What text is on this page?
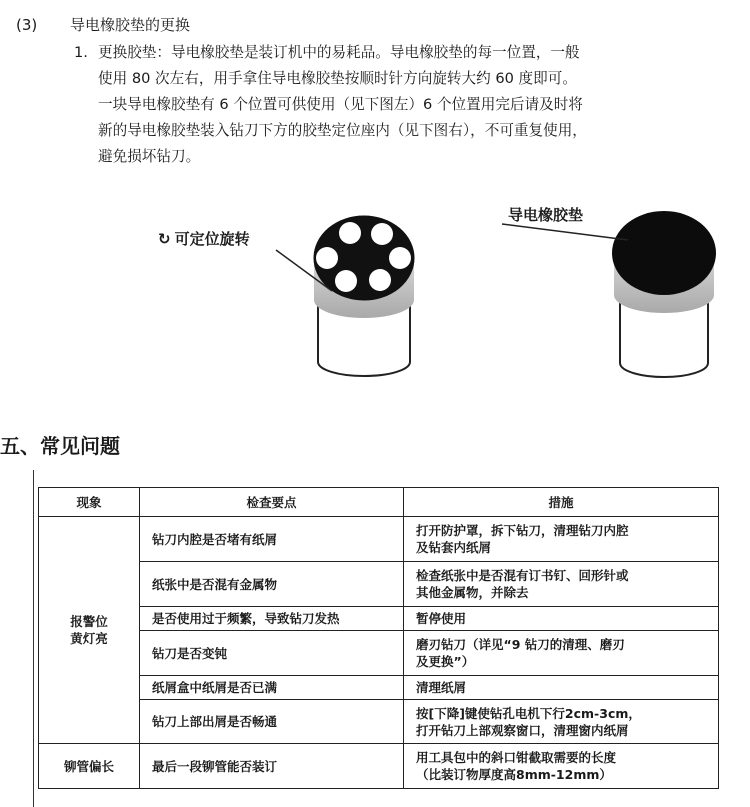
(3) 导电橡胶垫的更换
1. 更换胶垫：导电橡胶垫是装订机中的易耗品。导电橡胶垫的每一位置，一般
使用 80 次左右，用手拿住导电橡胶垫按顺时针方向旋转大约 60 度即可。
一块导电橡胶垫有 6 个位置可供使用（见下图左）6 个位置用完后请及时将
新的导电橡胶垫装入钻刀下方的胶垫定位座内（见下图右），不可重复使用，
避免损坏钻刀。
↻ 可定位旋转
导电橡胶垫
五、常见问题
现象	检查要点	措施
报警位
黄灯亮	钻刀内腔是否堵有纸屑	打开防护罩，拆下钻刀，清理钻刀内腔
及钻套内纸屑
	纸张中是否混有金属物	检查纸张中是否混有订书钉、回形针或
其他金属物，并除去
	是否使用过于频繁，导致钻刀发热	暂停使用
	钻刀是否变钝	磨刃钻刀（详见“9 钻刀的清理、磨刃
及更换”）
	纸屑盒中纸屑是否已满	清理纸屑
	钻刀上部出屑是否畅通	按[下降]键使钻孔电机下行2cm-3cm，
打开钻刀上部观察窗口，清理窗内纸屑
铆管偏长	最后一段铆管能否装订	用工具包中的斜口钳截取需要的长度
（比装订物厚度高8mm-12mm）
